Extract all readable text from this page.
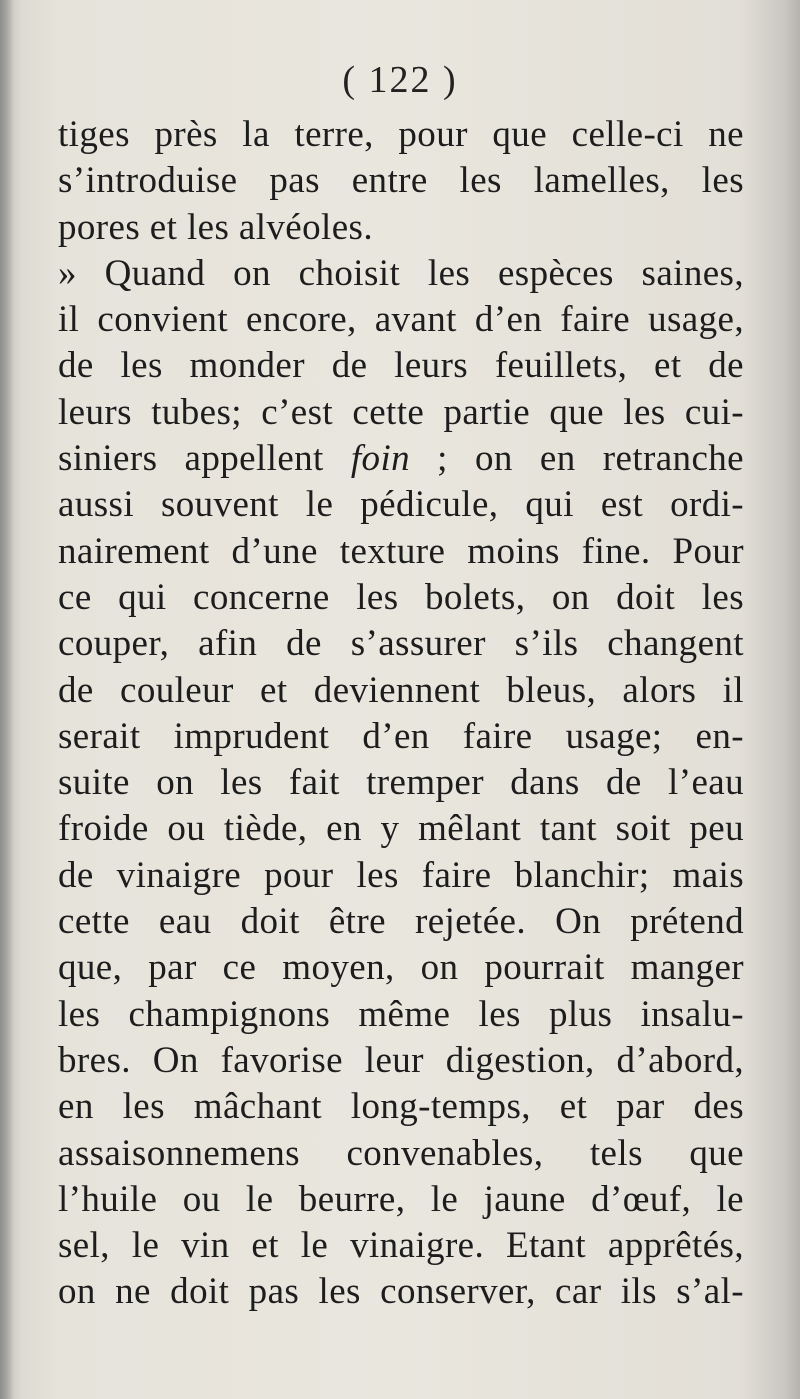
( 122 )
tiges près la terre, pour que celle-ci ne
s’introduise pas entre les lamelles, les
pores et les alvéoles.
» Quand on choisit les espèces saines,
il convient encore, avant d’en faire usage,
de les monder de leurs feuillets, et de
leurs tubes; c’est cette partie que les cui-
siniers appellent foin ; on en retranche
aussi souvent le pédicule, qui est ordi-
nairement d’une texture moins fine. Pour
ce qui concerne les bolets, on doit les
couper, afin de s’assurer s’ils changent
de couleur et deviennent bleus, alors il
serait imprudent d’en faire usage; en-
suite on les fait tremper dans de l’eau
froide ou tiède, en y mêlant tant soit peu
de vinaigre pour les faire blanchir; mais
cette eau doit être rejetée. On prétend
que, par ce moyen, on pourrait manger
les champignons même les plus insalu-
bres. On favorise leur digestion, d’abord,
en les mâchant long-temps, et par des
assaisonnemens convenables, tels que
l’huile ou le beurre, le jaune d’œuf, le
sel, le vin et le vinaigre. Etant apprêtés,
on ne doit pas les conserver, car ils s’al-
